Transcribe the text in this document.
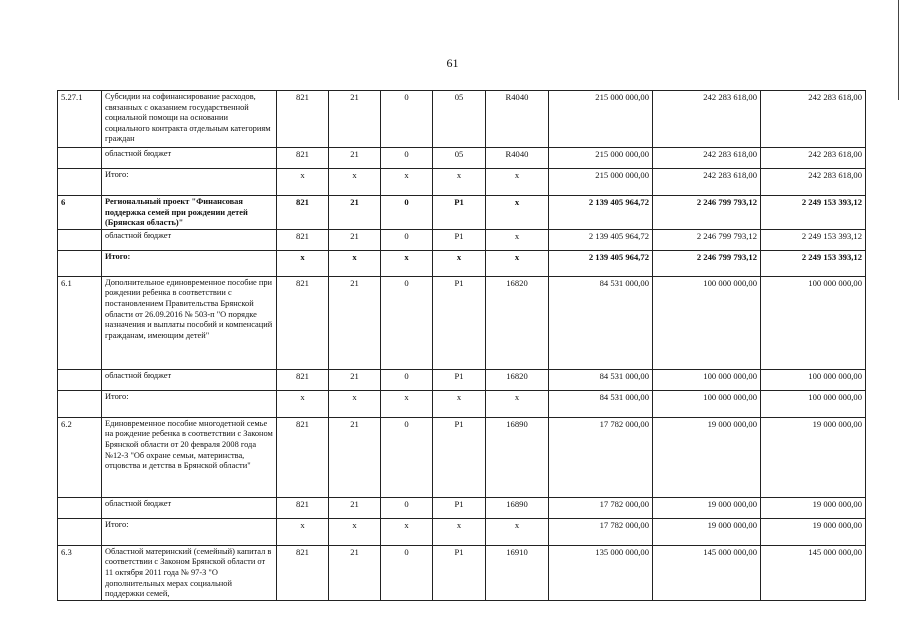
61
5.27.1	Субсидии на софинансирование расходов, связанных с оказанием государственной социальной помощи на основании социального контракта отдельным категориям граждан	821	21	0	05	R4040	215 000 000,00	242 283 618,00	242 283 618,00
	областной бюджет	821	21	0	05	R4040	215 000 000,00	242 283 618,00	242 283 618,00
	Итого:	x	x	x	x	x	215 000 000,00	242 283 618,00	242 283 618,00
6	Региональный проект "Финансовая поддержка семей при рождении детей (Брянская область)"	821	21	0	P1	x	2 139 405 964,72	2 246 799 793,12	2 249 153 393,12
	областной бюджет	821	21	0	P1	x	2 139 405 964,72	2 246 799 793,12	2 249 153 393,12
	Итого:	x	x	x	x	x	2 139 405 964,72	2 246 799 793,12	2 249 153 393,12
6.1	Дополнительное единовременное пособие при рождении ребенка в соответствии с постановлением Правительства Брянской области от 26.09.2016 № 503-п "О порядке назначения и выплаты пособий и компенсаций гражданам, имеющим детей"	821	21	0	P1	16820	84 531 000,00	100 000 000,00	100 000 000,00
	областной бюджет	821	21	0	P1	16820	84 531 000,00	100 000 000,00	100 000 000,00
	Итого:	x	x	x	x	x	84 531 000,00	100 000 000,00	100 000 000,00
6.2	Единовременное пособие многодетной семье на рождение ребенка в соответствии с Законом Брянской области от 20 февраля 2008 года №12-З "Об охране семьи, материнства, отцовства и детства в Брянской области"	821	21	0	P1	16890	17 782 000,00	19 000 000,00	19 000 000,00
	областной бюджет	821	21	0	P1	16890	17 782 000,00	19 000 000,00	19 000 000,00
	Итого:	x	x	x	x	x	17 782 000,00	19 000 000,00	19 000 000,00
6.3	Областной материнский (семейный) капитал в соответствии с Законом Брянской области от 11 октября 2011 года № 97-З "О дополнительных мерах социальной поддержки семей,	821	21	0	P1	16910	135 000 000,00	145 000 000,00	145 000 000,00
